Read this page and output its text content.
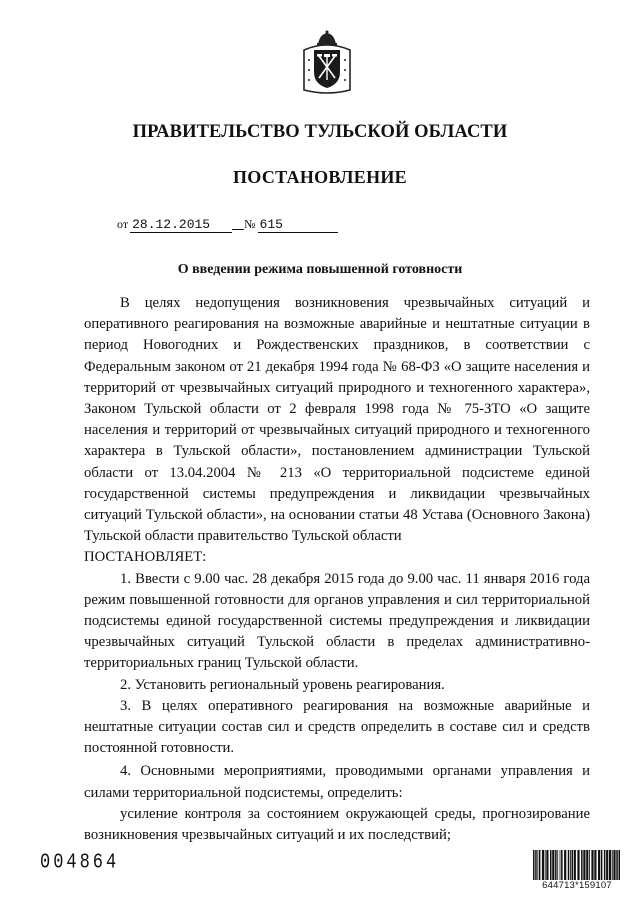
ПРАВИТЕЛЬСТВО ТУЛЬСКОЙ ОБЛАСТИ
ПОСТАНОВЛЕНИЕ
от 28.12.2015	№ 615
О введении режима повышенной готовности

В целях недопущения возникновения чрезвычайных ситуаций и оперативного реагирования на возможные аварийные и нештатные ситуации в период Новогодних и Рождественских праздников, в соответствии с Федеральным законом от 21 декабря 1994 года № 68-ФЗ «О защите населения и территорий от чрезвычайных ситуаций природного и техногенного характера», Законом Тульской области от 2 февраля 1998 года № 75-ЗТО «О защите населения и территорий от чрезвычайных ситуаций природного и техногенного характера в Тульской области», постановлением администрации Тульской области от 13.04.2004 № 213 «О территориальной подсистеме единой государственной системы предупреждения и ликвидации чрезвычайных ситуаций Тульской области», на основании статьи 48 Устава (Основного Закона) Тульской области правительство Тульской области

ПОСТАНОВЛЯЕТ:

1. Ввести с 9.00 час. 28 декабря 2015 года до 9.00 час. 11 января 2016 года режим повышенной готовности для органов управления и сил территориальной подсистемы единой государственной системы предупреждения и ликвидации чрезвычайных ситуаций Тульской области в пределах административно-территориальных границ Тульской области.

2. Установить региональный уровень реагирования.

3. В целях оперативного реагирования на возможные аварийные и нештатные ситуации состав сил и средств определить в составе сил и средств постоянной готовности.

4. Основными мероприятиями, проводимыми органами управления и силами территориальной подсистемы, определить:

усиление контроля за состоянием окружающей среды, прогнозирование возникновения чрезвычайных ситуаций и их последствий;

004864
644713*159107
